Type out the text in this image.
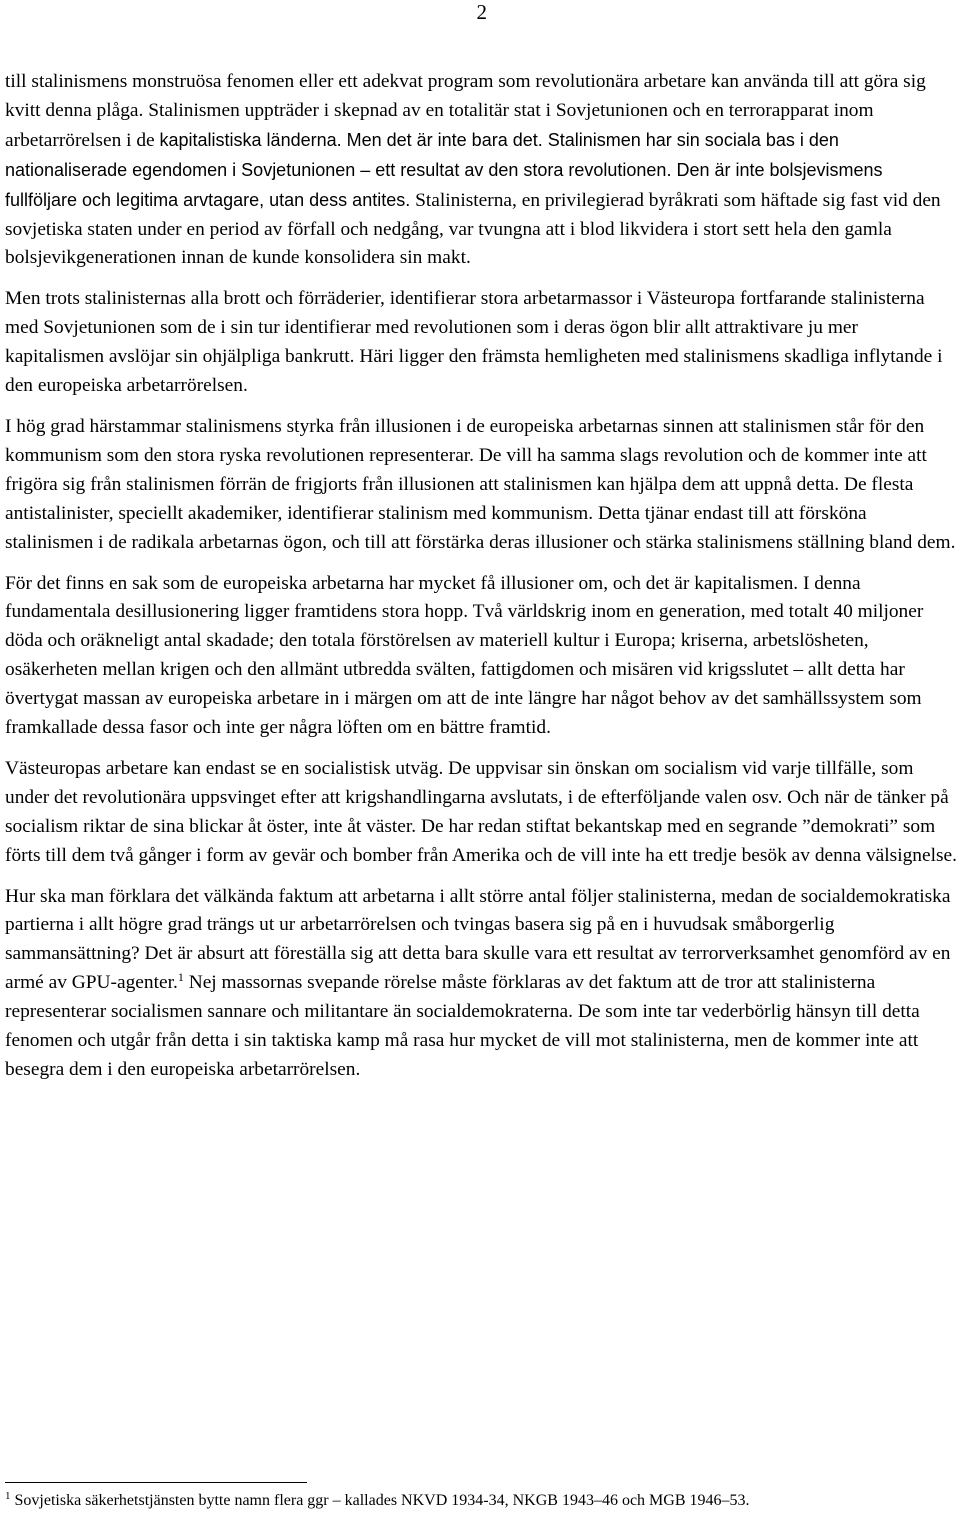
2

till stalinismens monstruösa fenomen eller ett adekvat program som revolutionära arbetare kan använda till att göra sig kvitt denna plåga. Stalinismen uppträder i skepnad av en totalitär stat i Sovjetunionen och en terrorapparat inom arbetarrörelsen i de kapitalistiska länderna. Men det är inte bara det. Stalinismen har sin sociala bas i den nationaliserade egendomen i Sovjetunionen – ett resultat av den stora revolutionen. Den är inte bolsjevismens fullföljare och legitima arvtagare, utan dess antites. Stalinisterna, en privilegierad byråkrati som häftade sig fast vid den sovjetiska staten under en period av förfall och nedgång, var tvungna att i blod likvidera i stort sett hela den gamla bolsjevikgenerationen innan de kunde konsolidera sin makt.

Men trots stalinisternas alla brott och förräderier, identifierar stora arbetarmassor i Västeuropa fortfarande stalinisterna med Sovjetunionen som de i sin tur identifierar med revolutionen som i deras ögon blir allt attraktivare ju mer kapitalismen avslöjar sin ohjälpliga bankrutt. Häri ligger den främsta hemligheten med stalinismens skadliga inflytande i den europeiska arbetarrörelsen.

I hög grad härstammar stalinismens styrka från illusionen i de europeiska arbetarnas sinnen att stalinismen står för den kommunism som den stora ryska revolutionen representerar. De vill ha samma slags revolution och de kommer inte att frigöra sig från stalinismen förrän de frigjorts från illusionen att stalinismen kan hjälpa dem att uppnå detta. De flesta antistalinister, speciellt akademiker, identifierar stalinism med kommunism. Detta tjänar endast till att försköna stalinismen i de radikala arbetarnas ögon, och till att förstärka deras illusioner och stärka stalinismens ställning bland dem.

För det finns en sak som de europeiska arbetarna har mycket få illusioner om, och det är kapitalismen. I denna fundamentala desillusionering ligger framtidens stora hopp. Två världskrig inom en generation, med totalt 40 miljoner döda och oräkneligt antal skadade; den totala förstörelsen av materiell kultur i Europa; kriserna, arbetslösheten, osäkerheten mellan krigen och den allmänt utbredda svälten, fattigdomen och misären vid krigsslutet – allt detta har övertygat massan av europeiska arbetare in i märgen om att de inte längre har något behov av det samhällssystem som framkallade dessa fasor och inte ger några löften om en bättre framtid.

Västeuropas arbetare kan endast se en socialistisk utväg. De uppvisar sin önskan om socialism vid varje tillfälle, som under det revolutionära uppsvinget efter att krigshandlingarna avslutats, i de efterföljande valen osv. Och när de tänker på socialism riktar de sina blickar åt öster, inte åt väster. De har redan stiftat bekantskap med en segrande ”demokrati” som förts till dem två gånger i form av gevär och bomber från Amerika och de vill inte ha ett tredje besök av denna välsignelse.

Hur ska man förklara det välkända faktum att arbetarna i allt större antal följer stalinisterna, medan de socialdemokratiska partierna i allt högre grad trängs ut ur arbetarrörelsen och tvingas basera sig på en i huvudsak småborgerlig sammansättning? Det är absurt att föreställa sig att detta bara skulle vara ett resultat av terrorverksamhet genomförd av en armé av GPU-agenter.$^1$ Nej massornas svepande rörelse måste förklaras av det faktum att de tror att stalinisterna representerar socialismen sannare och militantare än socialdemokraterna. De som inte tar vederbörlig hänsyn till detta fenomen och utgår från detta i sin taktiska kamp må rasa hur mycket de vill mot stalinisterna, men de kommer inte att besegra dem i den europeiska arbetarrörelsen.

$^1$ Sovjetiska säkerhetstjänsten bytte namn flera ggr – kallades NKVD 1934-34, NKGB 1943–46 och MGB 1946–53.
